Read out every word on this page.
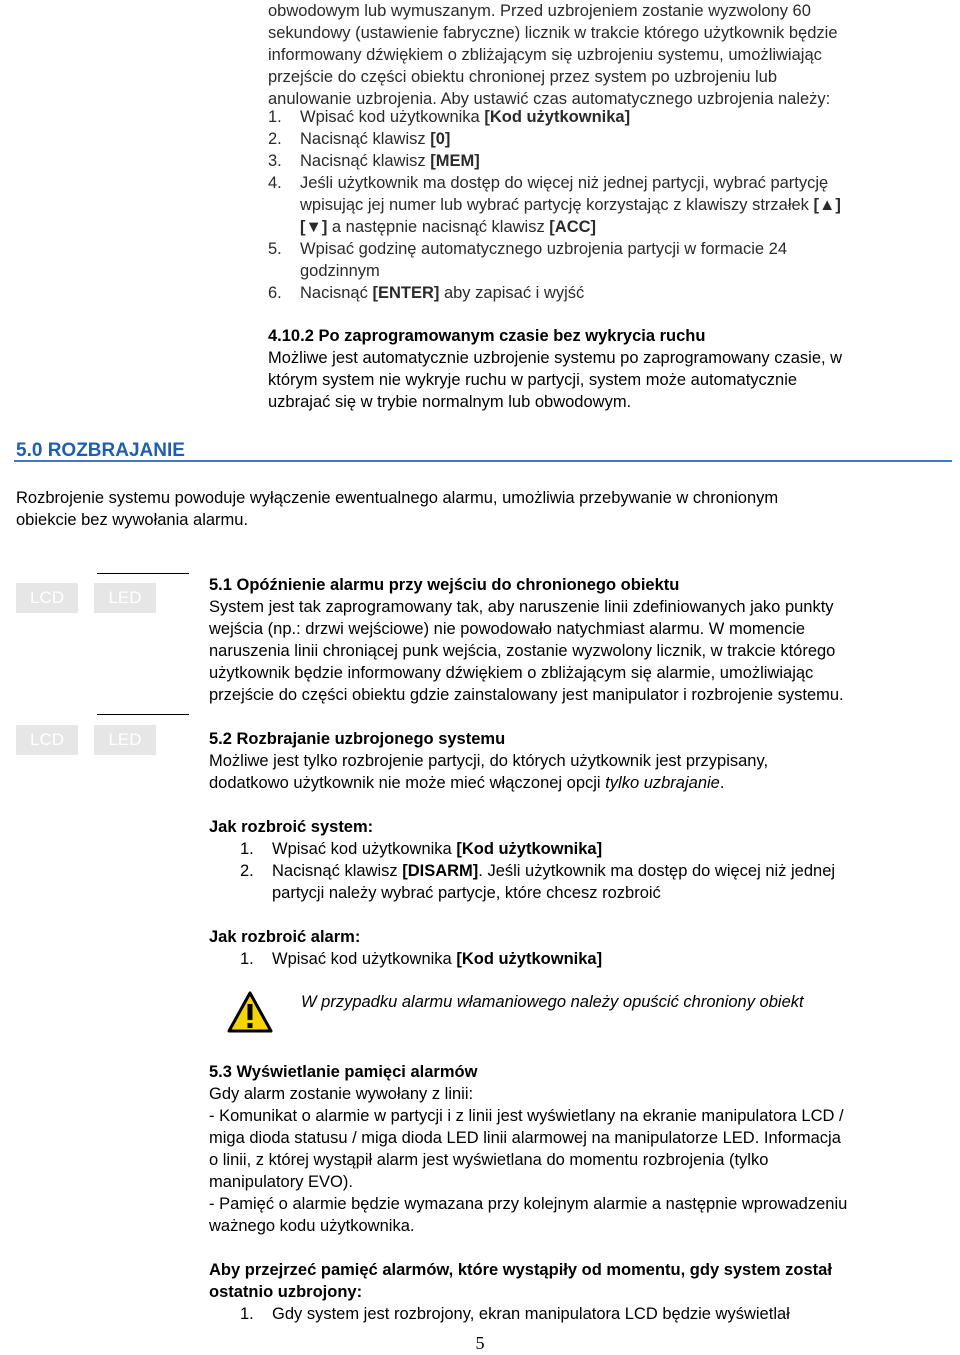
obwodowym lub wymuszanym. Przed uzbrojeniem zostanie wyzwolony 60
sekundowy (ustawienie fabryczne) licznik w trakcie którego użytkownik będzie
informowany dźwiękiem o zbliżającym się uzbrojeniu systemu, umożliwiając
przejście do części obiektu chronionej przez system po uzbrojeniu lub
anulowanie uzbrojenia. Aby ustawić czas automatycznego uzbrojenia należy:
1. Wpisać kod użytkownika [Kod użytkownika]
2. Nacisnąć klawisz [0]
3. Nacisnąć klawisz [MEM]
4. Jeśli użytkownik ma dostęp do więcej niż jednej partycji, wybrać partycję
wpisując jej numer lub wybrać partycję korzystając z klawiszy strzałek [▲]
[▼] a następnie nacisnąć klawisz [ACC]
5. Wpisać godzinę automatycznego uzbrojenia partycji w formacie 24
godzinnym
6. Nacisnąć [ENTER] aby zapisać i wyjść
4.10.2 Po zaprogramowanym czasie bez wykrycia ruchu
Możliwe jest automatycznie uzbrojenie systemu po zaprogramowany czasie, w
którym system nie wykryje ruchu w partycji, system może automatycznie
uzbrajać się w trybie normalnym lub obwodowym.
5.0 ROZBRAJANIE
Rozbrojenie systemu powoduje wyłączenie ewentualnego alarmu, umożliwia przebywanie w chronionym
obiekcie bez wywołania alarmu.
LCD	LED
LCD	LED
5.1 Opóźnienie alarmu przy wejściu do chronionego obiektu
System jest tak zaprogramowany tak, aby naruszenie linii zdefiniowanych jako punkty
wejścia (np.: drzwi wejściowe) nie powodowało natychmiast alarmu. W momencie
naruszenia linii chroniącej punk wejścia, zostanie wyzwolony licznik, w trakcie którego
użytkownik będzie informowany dźwiękiem o zbliżającym się alarmie, umożliwiając
przejście do części obiektu gdzie zainstalowany jest manipulator i rozbrojenie systemu.
5.2 Rozbrajanie uzbrojonego systemu
Możliwe jest tylko rozbrojenie partycji, do których użytkownik jest przypisany,
dodatkowo użytkownik nie może mieć włączonej opcji tylko uzbrajanie.
Jak rozbroić system:
1. Wpisać kod użytkownika [Kod użytkownika]
2. Nacisnąć klawisz [DISARM]. Jeśli użytkownik ma dostęp do więcej niż jednej
partycji należy wybrać partycje, które chcesz rozbroić
Jak rozbroić alarm:
1. Wpisać kod użytkownika [Kod użytkownika]
W przypadku alarmu włamaniowego należy opuścić chroniony obiekt
5.3 Wyświetlanie pamięci alarmów
Gdy alarm zostanie wywołany z linii:
- Komunikat o alarmie w partycji i z linii jest wyświetlany na ekranie manipulatora LCD /
miga dioda statusu / miga dioda LED linii alarmowej na manipulatorze LED. Informacja
o linii, z której wystąpił alarm jest wyświetlana do momentu rozbrojenia (tylko
manipulatory EVO).
- Pamięć o alarmie będzie wymazana przy kolejnym alarmie a następnie wprowadzeniu
ważnego kodu użytkownika.
Aby przejrzeć pamięć alarmów, które wystąpiły od momentu, gdy system został
ostatnio uzbrojony:
1. Gdy system jest rozbrojony, ekran manipulatora LCD będzie wyświetlał
5
